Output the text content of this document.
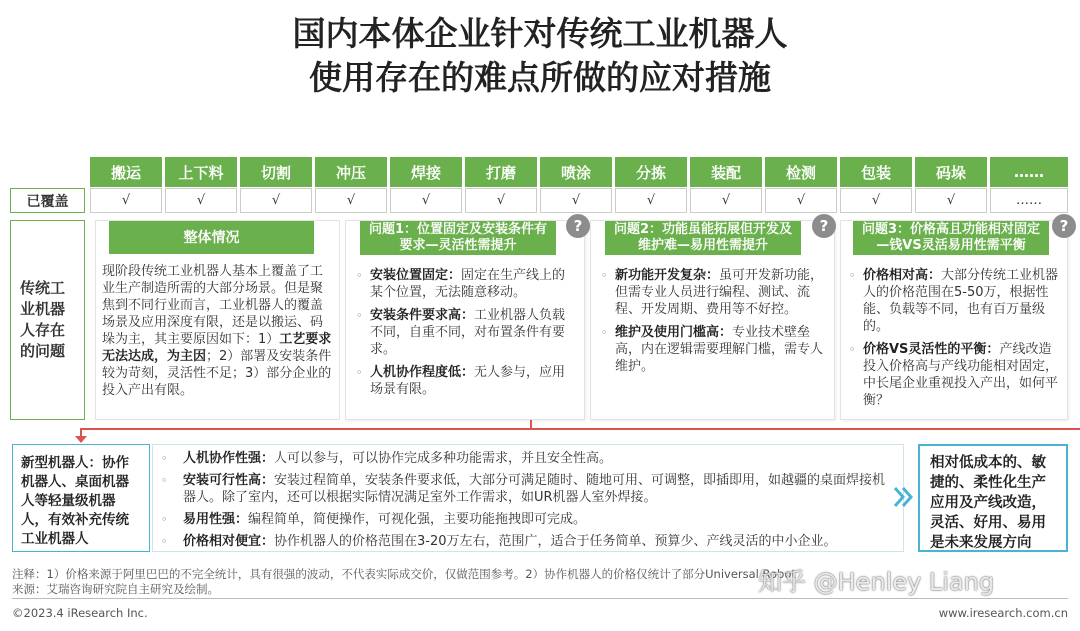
国内本体企业针对传统工业机器人
使用存在的难点所做的应对措施
搬运	上下料	切割	冲压	焊接	打磨	喷涂	分拣	装配	检测	包装	码垛	……
已覆盖	√	√	√	√	√	√	√	√	√	√	√	√	……
传统工业机器人存在的问题
整体情况
现阶段传统工业机器人基本上覆盖了工业生产制造所需的大部分场景。但是聚焦到不同行业而言，工业机器人的覆盖场景及应用深度有限，还是以搬运、码垛为主，其主要原因如下：1）工艺要求无法达成，为主因；2）部署及安装条件较为苛刻，灵活性不足；3）部分企业的投入产出有限。
问题1：位置固定及安装条件有要求—灵活性需提升
◦ 安装位置固定：固定在生产线上的某个位置，无法随意移动。
◦ 安装条件要求高：工业机器人负载不同，自重不同，对布置条件有要求。
◦ 人机协作程度低：无人参与，应用场景有限。
?	问题2：功能虽能拓展但开发及维护难—易用性需提升
◦ 新功能开发复杂：虽可开发新功能，但需专业人员进行编程、测试、流程、开发周期、费用等不好控。
◦ 维护及使用门槛高：专业技术壁垒高，内在逻辑需要理解门槛，需专人维护。
?	问题3：价格高且功能相对固定—钱VS灵活易用性需平衡
◦ 价格相对高：大部分传统工业机器人的价格范围在5-50万，根据性能、负载等不同，也有百万量级的。
◦ 价格VS灵活性的平衡：产线改造投入价格高与产线功能相对固定，中长尾企业重视投入产出，如何平衡？
?
新型机器人：协作机器人、桌面机器人等轻量级机器人，有效补充传统工业机器人
◦	人机协作性强：人可以参与，可以协作完成多种功能需求，并且安全性高。
◦	安装可行性高：安装过程简单，安装条件要求低，大部分可满足随时、随地可用、可调整，即插即用，如越疆的桌面焊接机器人。除了室内，还可以根据实际情况满足室外工作需求，如UR机器人室外焊接。
◦	易用性强：编程简单，简便操作，可视化强，主要功能拖拽即可完成。
◦	价格相对便宜：协作机器人的价格范围在3-20万左右，范围广，适合于任务简单、预算少、产线灵活的中小企业。
相对低成本的、敏捷的、柔性化生产应用及产线改造，灵活、好用、易用是未来发展方向
注释：1）价格来源于阿里巴巴的不完全统计，具有很强的波动，不代表实际成交价，仅做范围参考。2）协作机器人的价格仅统计了部分Universal Robot
来源：艾瑞咨询研究院自主研究及绘制。	知乎 @Henley Liang
©2023.4 iResearch Inc.	www.iresearch.com.cn
